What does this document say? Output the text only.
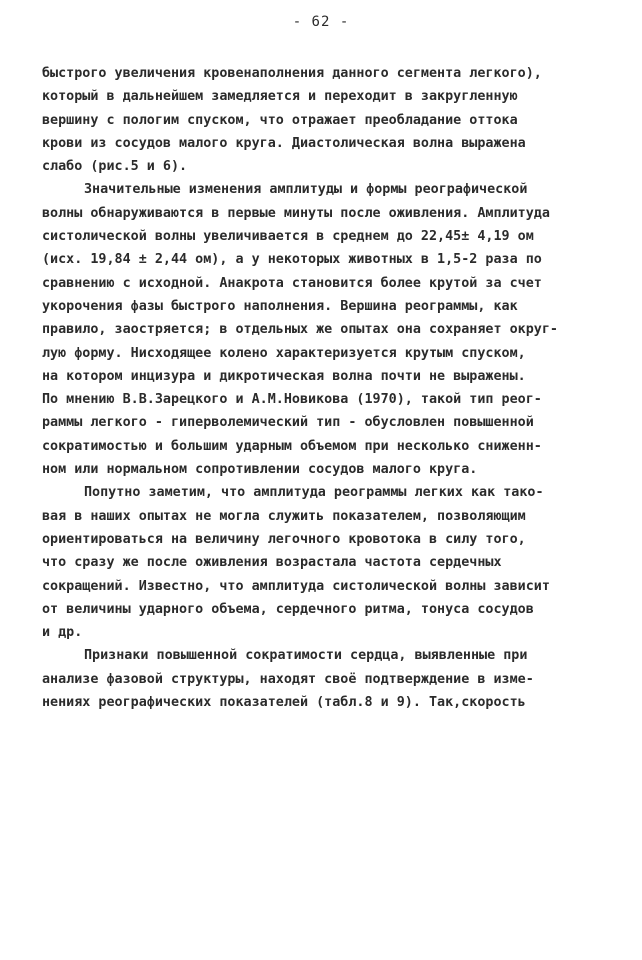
- 62 -
быстрого увеличения кровенаполнения данного сегмента легкого),
который в дальнейшем замедляется и переходит в закругленную
вершину с пологим спуском, что отражает преобладание оттока
крови из сосудов малого круга. Диастолическая волна выражена
слабо (рис.5 и 6).
Значительные изменения амплитуды и формы реографической
волны обнаруживаются в первые минуты после оживления. Амплитуда
систолической волны увеличивается в среднем до 22,45± 4,19 ом
(исх. 19,84 ± 2,44 ом), а у некоторых животных в 1,5-2 раза по
сравнению с исходной. Анакрота становится более крутой за счет
укорочения фазы быстрого наполнения. Вершина реограммы, как
правило, заостряется; в отдельных же опытах она сохраняет округ-
лую форму. Нисходящее колено характеризуется крутым спуском,
на котором инцизура и дикротическая волна почти не выражены.
По мнению В.В.Зарецкого и А.М.Новикова (1970), такой тип реог-
раммы легкого - гиперволемический тип - обусловлен повышенной
сократимостью и большим ударным объемом при несколько сниженн-
ном или нормальном сопротивлении сосудов малого круга.
Попутно заметим, что амплитуда реограммы легких как тако-
вая в наших опытах не могла служить показателем, позволяющим
ориентироваться на величину легочного кровотока в силу того,
что сразу же после оживления возрастала частота сердечных
сокращений. Известно, что амплитуда систолической волны зависит
от величины ударного объема, сердечного ритма, тонуса сосудов
и др.
Признаки повышенной сократимости сердца, выявленные при
анализе фазовой структуры, находят своё подтверждение в изме-
нениях реографических показателей (табл.8 и 9). Так,скорость
